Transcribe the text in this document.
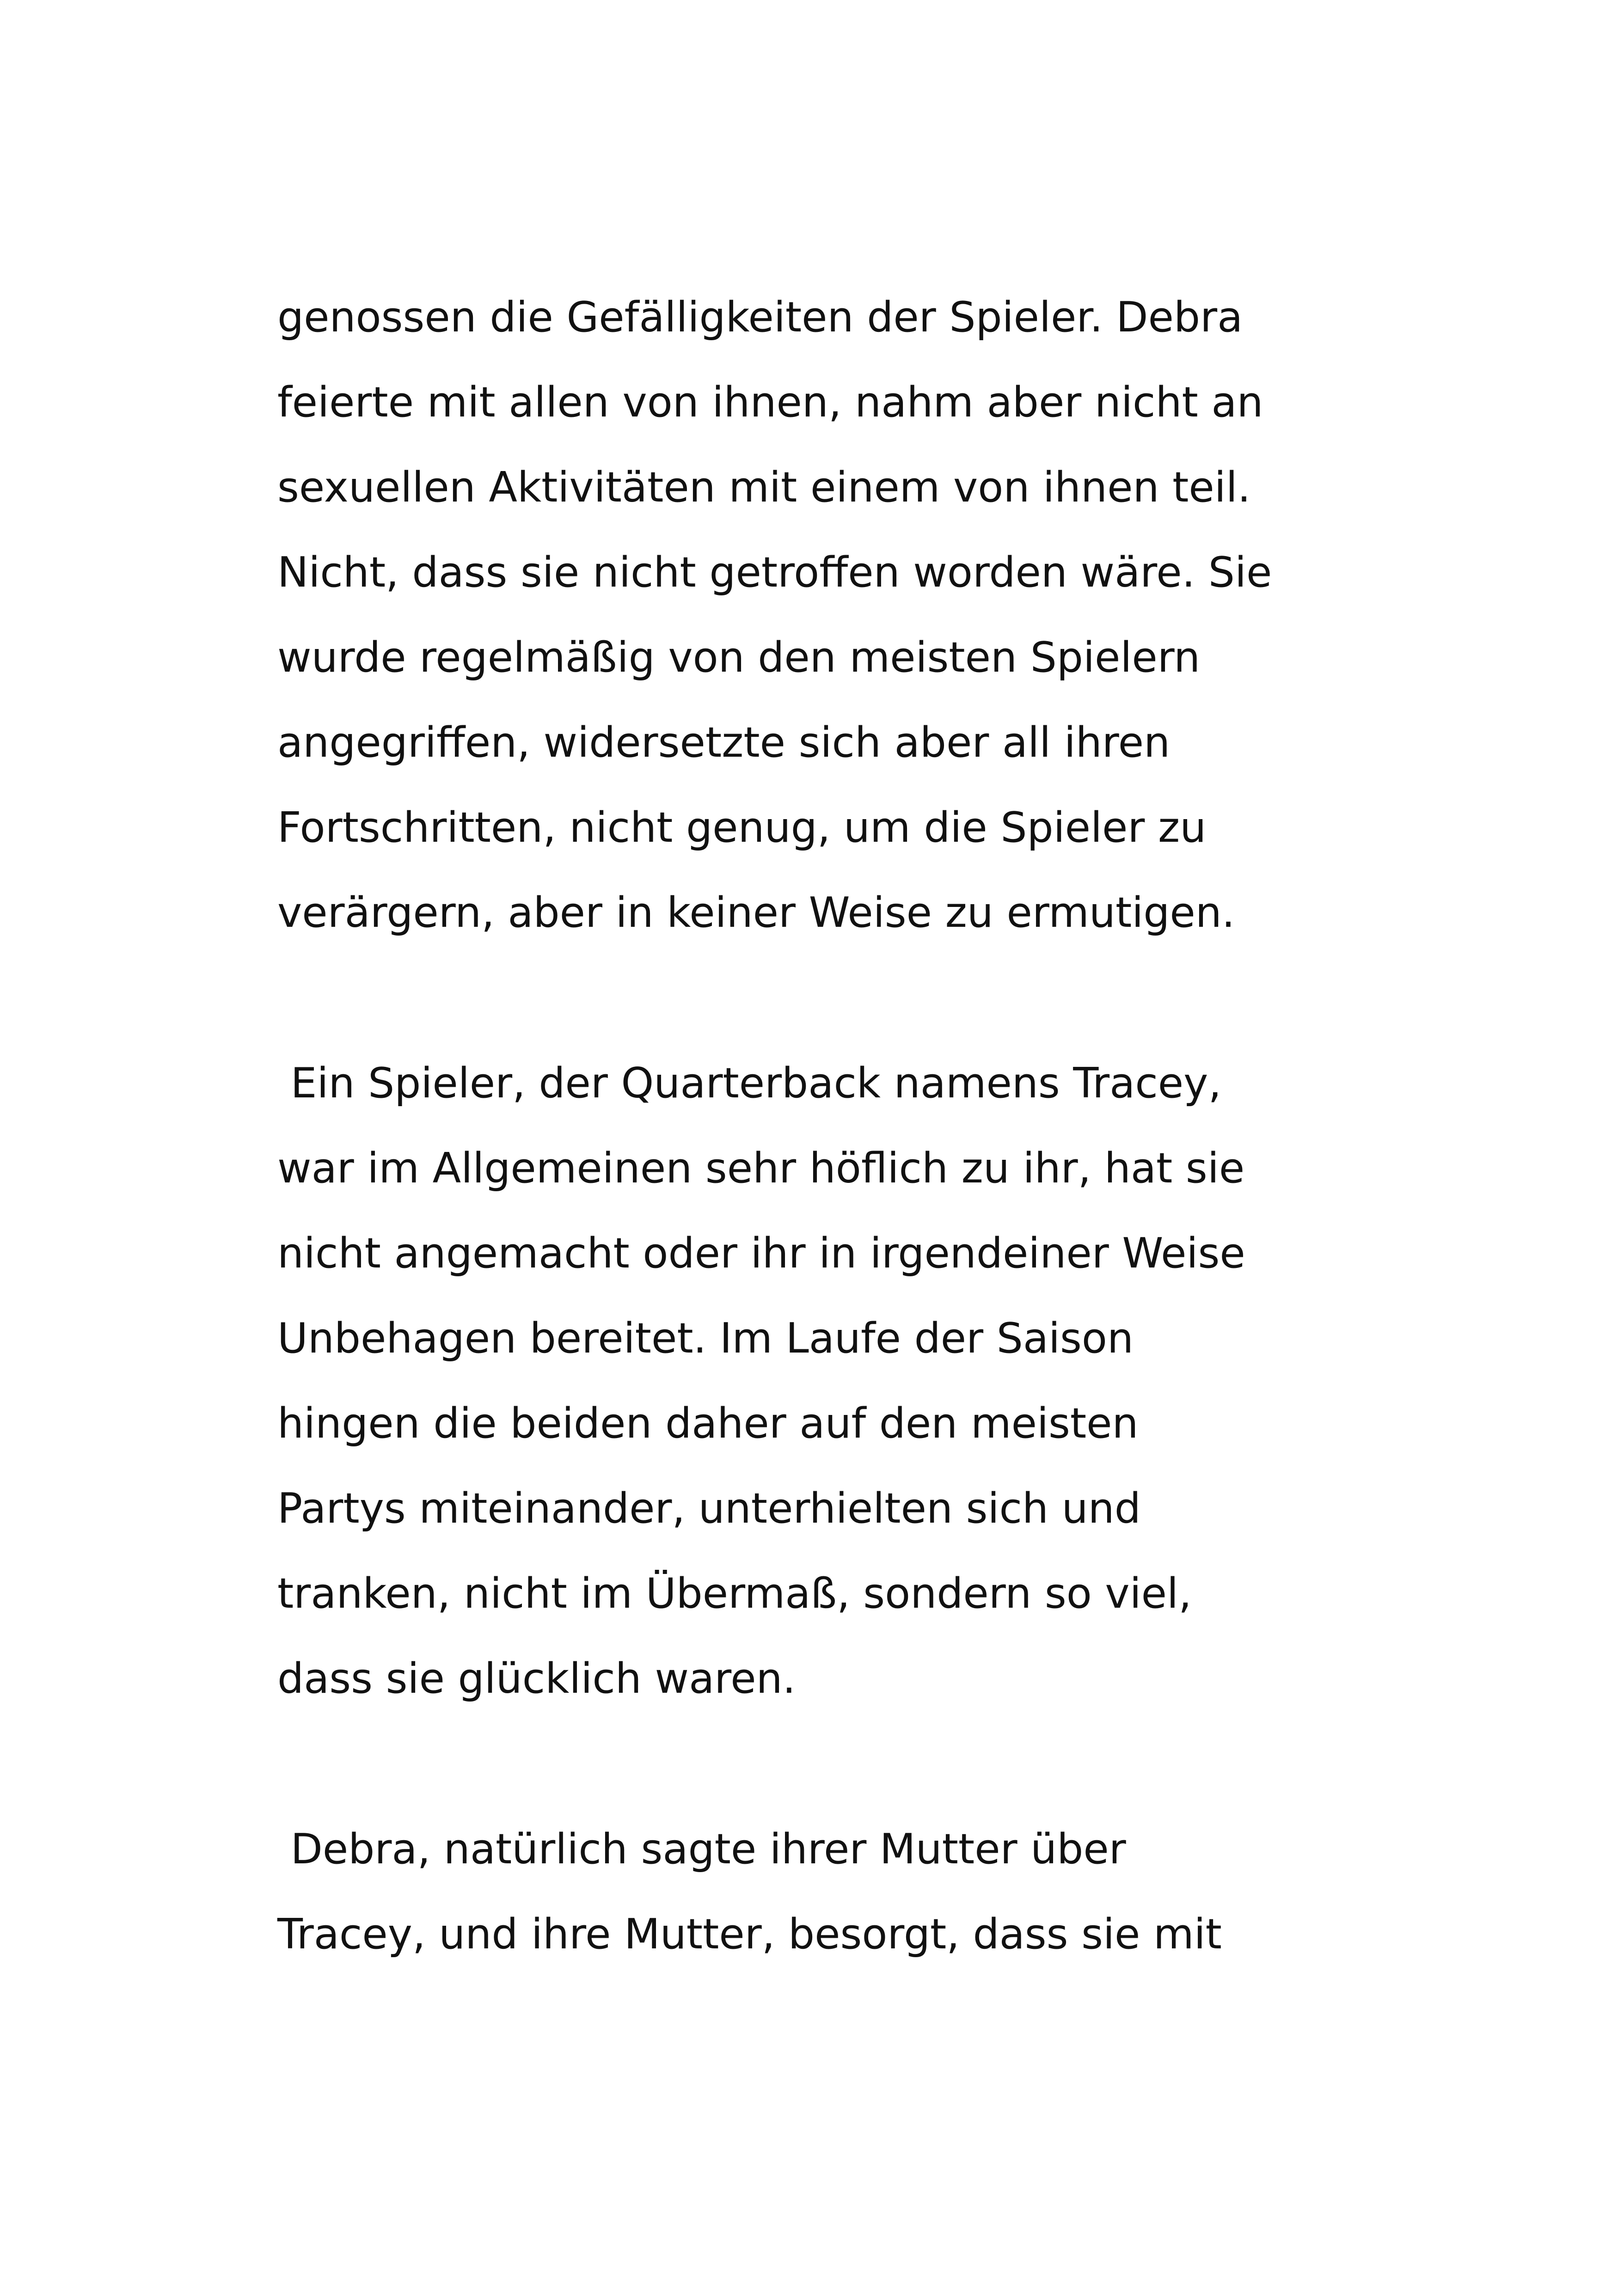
genossen die Gefälligkeiten der Spieler. Debra
feierte mit allen von ihnen, nahm aber nicht an
sexuellen Aktivitäten mit einem von ihnen teil.
Nicht, dass sie nicht getroffen worden wäre. Sie
wurde regelmäßig von den meisten Spielern
angegriffen, widersetzte sich aber all ihren
Fortschritten, nicht genug, um die Spieler zu
verärgern, aber in keiner Weise zu ermutigen.
Ein Spieler, der Quarterback namens Tracey,
war im Allgemeinen sehr höflich zu ihr, hat sie
nicht angemacht oder ihr in irgendeiner Weise
Unbehagen bereitet. Im Laufe der Saison
hingen die beiden daher auf den meisten
Partys miteinander, unterhielten sich und
tranken, nicht im Übermaß, sondern so viel,
dass sie glücklich waren.
Debra, natürlich sagte ihrer Mutter über
Tracey, und ihre Mutter, besorgt, dass sie mit
